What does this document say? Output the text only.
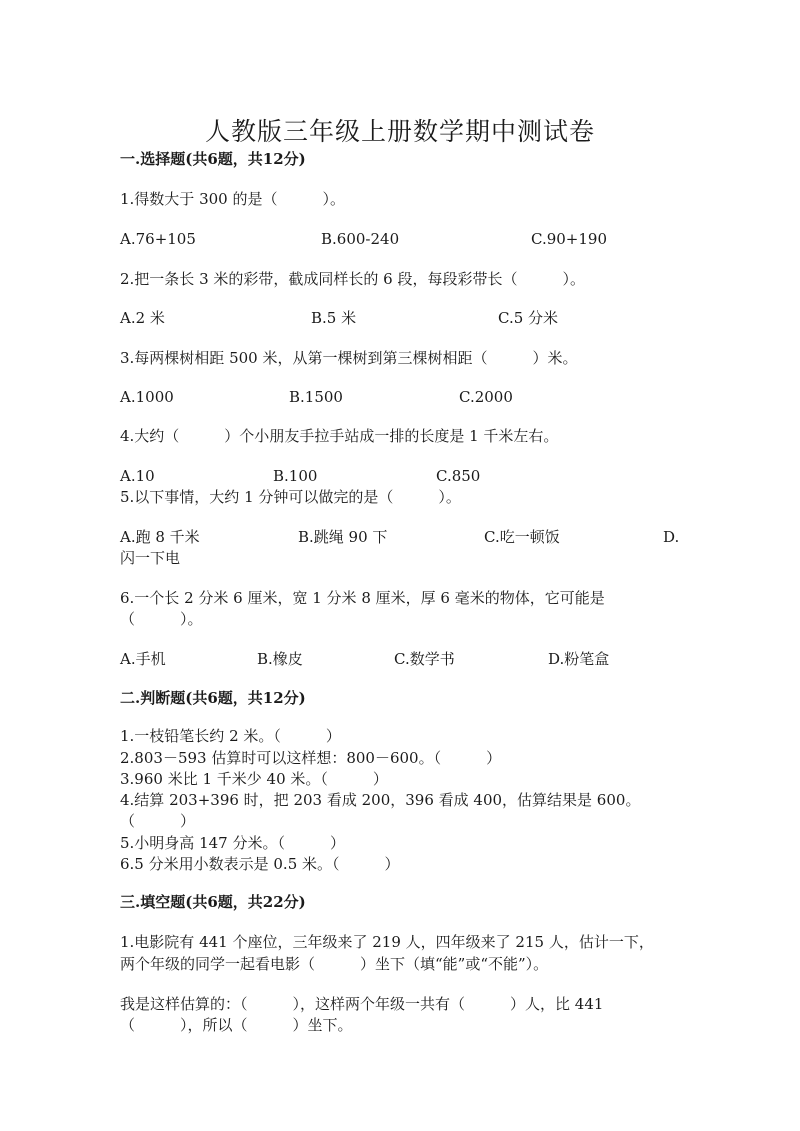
人教版三年级上册数学期中测试卷

一.选择题(共6题，共12分)

1.得数大于 300 的是（　　　）。

A.76+105	B.600-240	C.90+190

2.把一条长 3 米的彩带，截成同样长的 6 段，每段彩带长（　　　）。

A.2 米	B.5 米	C.5 分米

3.每两棵树相距 500 米，从第一棵树到第三棵树相距（　　　）米。

A.1000	B.1500	C.2000

4.大约（　　　）个小朋友手拉手站成一排的长度是 1 千米左右。

A.10	B.100	C.850

5.以下事情，大约 1 分钟可以做完的是（　　　）。

A.跑 8 千米	B.跳绳 90 下	C.吃一顿饭	D.

闪一下电

6.一个长 2 分米 6 厘米，宽 1 分米 8 厘米，厚 6 毫米的物体，它可能是

（　　　）。

A.手机	B.橡皮	C.数学书	D.粉笔盒

二.判断题(共6题，共12分)

1.一枝铅笔长约 2 米。（　　　）

2.803－593 估算时可以这样想：800－600。（　　　）

3.960 米比 1 千米少 40 米。（　　　）

4.结算 203+396 时，把 203 看成 200，396 看成 400，估算结果是 600。

（　　　）

5.小明身高 147 分米。（　　　）

6.5 分米用小数表示是 0.5 米。（　　　）

三.填空题(共6题，共22分)

1.电影院有 441 个座位，三年级来了 219 人，四年级来了 215 人，估计一下，

两个年级的同学一起看电影（　　　）坐下（填“能”或“不能”）。

我是这样估算的：（　　　），这样两个年级一共有（　　　）人，比 441

（　　　），所以（　　　）坐下。
